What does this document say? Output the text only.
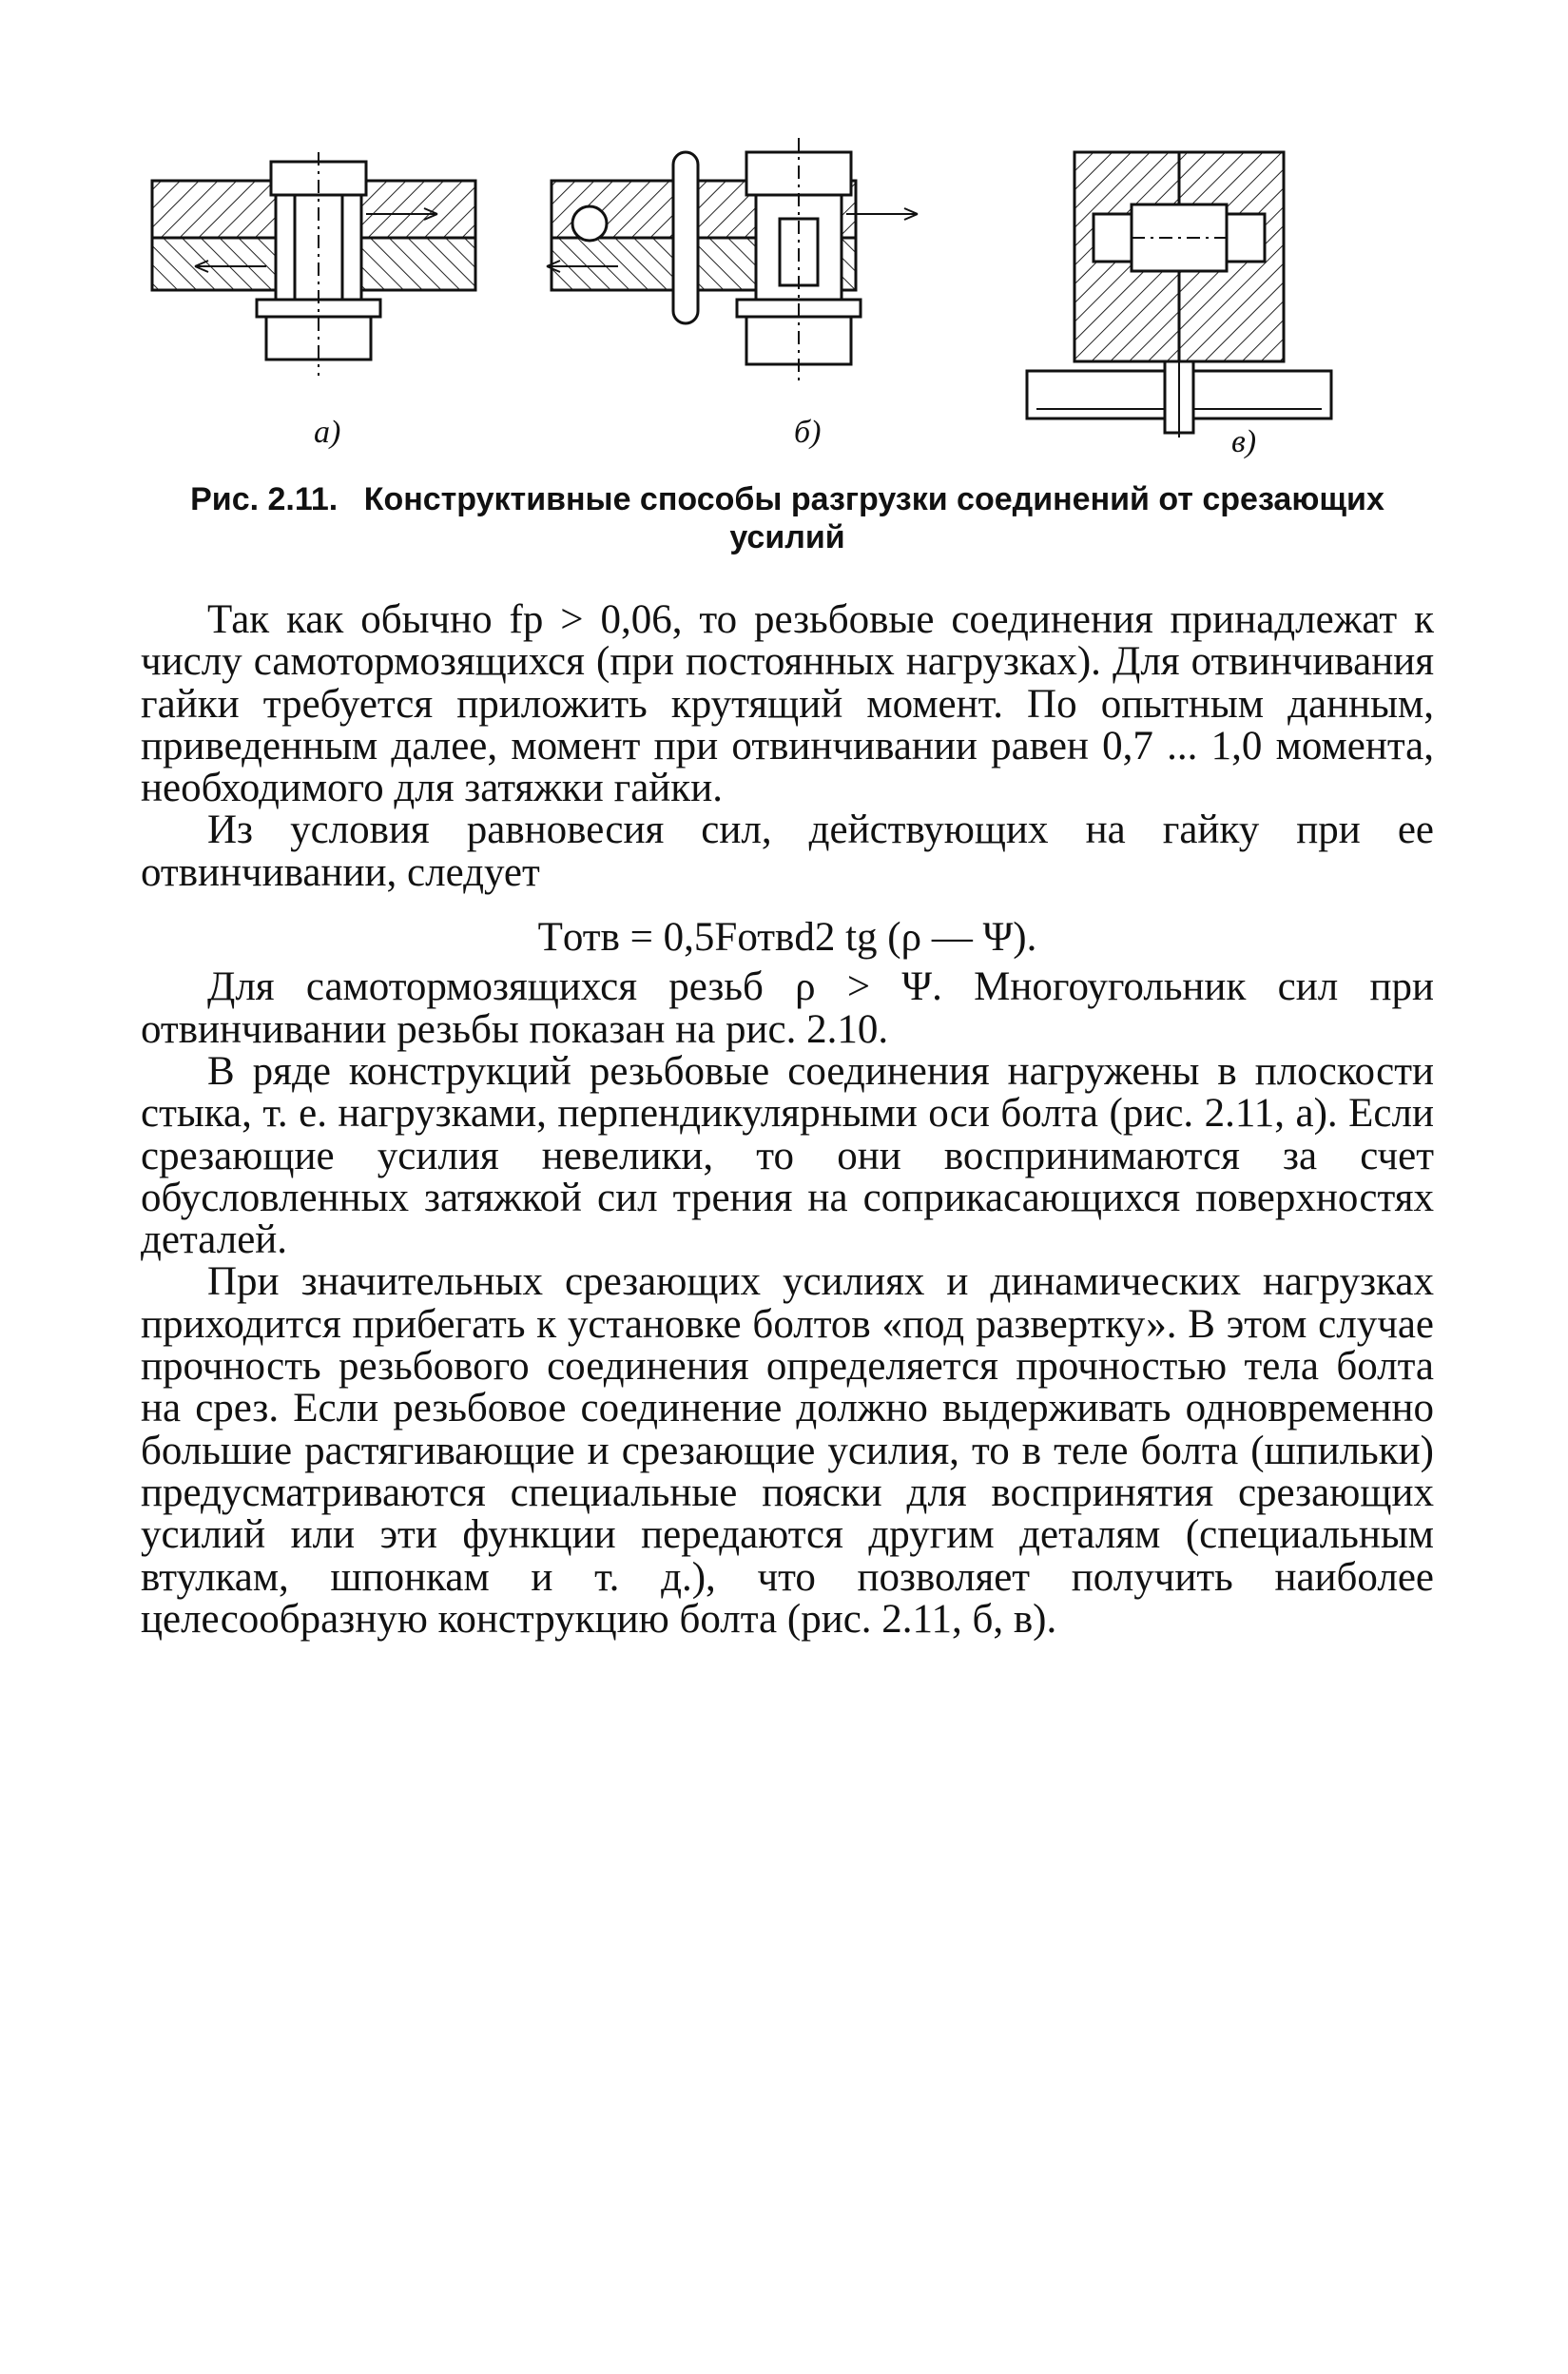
а)	б)	в)
Рис. 2.11. Конструктивные способы разгрузки соединений от срезающих усилий

Так как обычно fp > 0,06, то резьбовые соединения принадлежат к числу самотормозящихся (при постоянных нагрузках). Для отвинчивания гайки требуется приложить крутящий момент. По опытным данным, приведенным далее, момент при отвинчивании равен 0,7 ... 1,0 момента, необходимого для затяжки гайки.

Из условия равновесия сил, действующих на гайку при ее отвинчивании, следует

Tотв = 0,5Fотвd2 tg (ρ — Ψ).

Для самотормозящихся резьб ρ > Ψ. Многоугольник сил при отвинчивании резьбы показан на рис. 2.10.

В ряде конструкций резьбовые соединения нагружены в плоскости стыка, т. е. нагрузками, перпендикулярными оси болта (рис. 2.11, а). Если срезающие усилия невелики, то они воспринимаются за счет обусловленных затяжкой сил трения на соприкасающихся поверхностях деталей.

При значительных срезающих усилиях и динамических нагрузках приходится прибегать к установке болтов «под развертку». В этом случае прочность резьбового соединения определяется прочностью тела болта на срез. Если резьбовое соединение должно выдерживать одновременно большие растягивающие и срезающие усилия, то в теле болта (шпильки) предусматриваются специальные пояски для воспринятия срезающих усилий или эти функции передаются другим деталям (специальным втулкам, шпонкам и т. д.), что позволяет получить наиболее целесообразную конструкцию болта (рис. 2.11, б, в).
